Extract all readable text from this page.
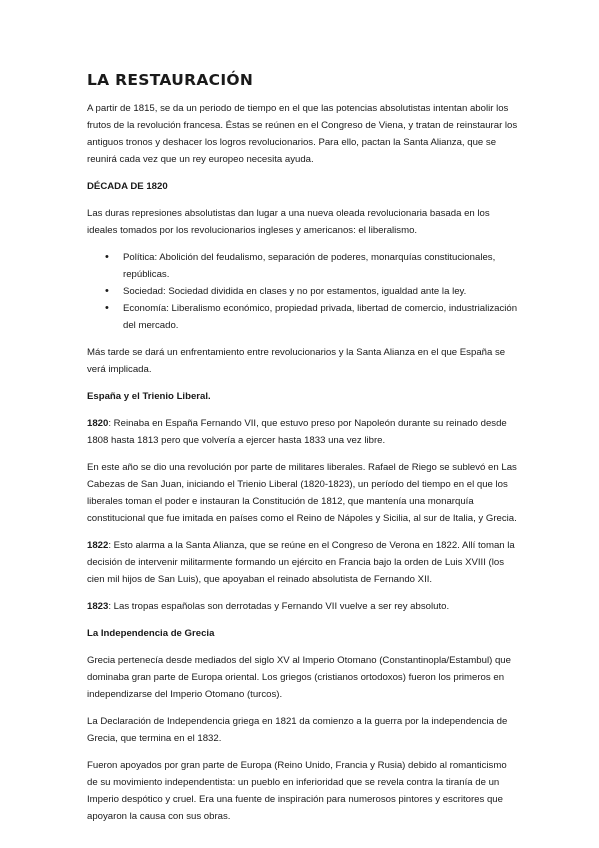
LA RESTAURACIÓN

A partir de 1815, se da un periodo de tiempo en el que las potencias absolutistas intentan abolir los frutos de la revolución francesa. Éstas se reúnen en el Congreso de Viena, y tratan de reinstaurar los antiguos tronos y deshacer los logros revolucionarios. Para ello, pactan la Santa Alianza, que se reunirá cada vez que un rey europeo necesita ayuda.

DÉCADA DE 1820

Las duras represiones absolutistas dan lugar a una nueva oleada revolucionaria basada en los ideales tomados por los revolucionarios ingleses y americanos: el liberalismo.

• Política: Abolición del feudalismo, separación de poderes, monarquías constitucionales, repúblicas.
• Sociedad: Sociedad dividida en clases y no por estamentos, igualdad ante la ley.
• Economía: Liberalismo económico, propiedad privada, libertad de comercio, industrialización del mercado.

Más tarde se dará un enfrentamiento entre revolucionarios y la Santa Alianza en el que España se verá implicada.

España y el Trienio Liberal.

1820: Reinaba en España Fernando VII, que estuvo preso por Napoleón durante su reinado desde 1808 hasta 1813 pero que volvería a ejercer hasta 1833 una vez libre.

En este año se dio una revolución por parte de militares liberales. Rafael de Riego se sublevó en Las Cabezas de San Juan, iniciando el Trienio Liberal (1820-1823), un período del tiempo en el que los liberales toman el poder e instauran la Constitución de 1812, que mantenía una monarquía constitucional que fue imitada en países como el Reino de Nápoles y Sicilia, al sur de Italia, y Grecia.

1822: Esto alarma a la Santa Alianza, que se reúne en el Congreso de Verona en 1822. Allí toman la decisión de intervenir militarmente formando un ejército en Francia bajo la orden de Luis XVIII (los cien mil hijos de San Luis), que apoyaban el reinado absolutista de Fernando XII.

1823: Las tropas españolas son derrotadas y Fernando VII vuelve a ser rey absoluto.

La Independencia de Grecia

Grecia pertenecía desde mediados del siglo XV al Imperio Otomano (Constantinopla/Estambul) que dominaba gran parte de Europa oriental. Los griegos (cristianos ortodoxos) fueron los primeros en independizarse del Imperio Otomano (turcos).

La Declaración de Independencia griega en 1821 da comienzo a la guerra por la independencia de Grecia, que termina en el 1832.

Fueron apoyados por gran parte de Europa (Reino Unido, Francia y Rusia) debido al romanticismo de su movimiento independentista: un pueblo en inferioridad que se revela contra la tiranía de un Imperio despótico y cruel. Era una fuente de inspiración para numerosos pintores y escritores que apoyaron la causa con sus obras.
